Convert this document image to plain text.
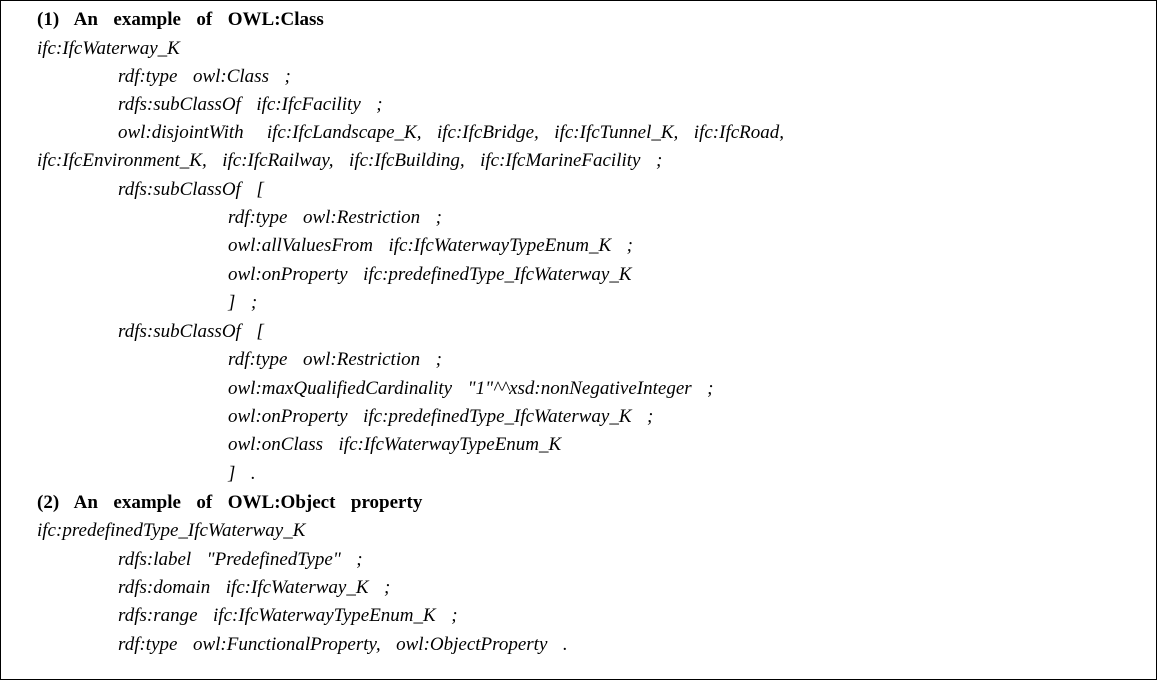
(1)  An  example  of  OWL:Class
ifc:IfcWaterway_K
rdf:type  owl:Class  ;
rdfs:subClassOf  ifc:IfcFacility  ;
owl:disjointWith   ifc:IfcLandscape_K,  ifc:IfcBridge,  ifc:IfcTunnel_K,  ifc:IfcRoad,
ifc:IfcEnvironment_K,  ifc:IfcRailway,  ifc:IfcBuilding,  ifc:IfcMarineFacility  ;
rdfs:subClassOf  [
rdf:type  owl:Restriction  ;
owl:allValuesFrom  ifc:IfcWaterwayTypeEnum_K  ;
owl:onProperty  ifc:predefinedType_IfcWaterway_K
]  ;
rdfs:subClassOf  [
rdf:type  owl:Restriction  ;
owl:maxQualifiedCardinality  "1"^^xsd:nonNegativeInteger  ;
owl:onProperty  ifc:predefinedType_IfcWaterway_K  ;
owl:onClass  ifc:IfcWaterwayTypeEnum_K
]  .
(2)  An  example  of  OWL:Object  property
ifc:predefinedType_IfcWaterway_K
rdfs:label  "PredefinedType"  ;
rdfs:domain  ifc:IfcWaterway_K  ;
rdfs:range  ifc:IfcWaterwayTypeEnum_K  ;
rdf:type  owl:FunctionalProperty,  owl:ObjectProperty  .
